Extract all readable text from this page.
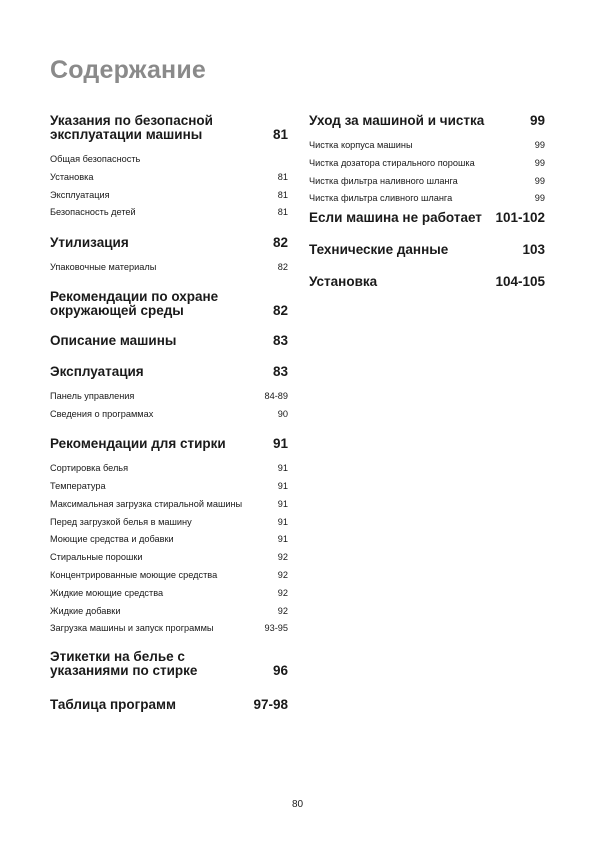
Содержание
Указания по безопасной
эксплуатации машины	81
Общая безопасность
Установка	81
Эксплуатация	81
Безопасность детей	81
Утилизация	82
Упаковочные материалы	82
Рекомендации по охране
окружающей среды	82
Описание машины	83
Эксплуатация	83
Панель управления	84-89
Сведения о программах	90
Рекомендации для стирки	91
Сортировка белья	91
Температура	91
Максимальная загрузка стиральной машины	91
Перед загрузкой белья в машину	91
Моющие средства и добавки	91
Стиральные порошки	92
Концентрированные моющие средства	92
Жидкие моющие средства	92
Жидкие добавки	92
Загрузка машины и запуск программы	93-95
Этикетки на белье с
указаниями по стирке	96
Таблица программ	97-98
Уход за машиной и чистка	99
Чистка корпуса машины	99
Чистка дозатора стирального порошка	99
Чистка фильтра наливного шланга	99
Чистка фильтра сливного шланга	99
Если машина не работает 101-102
Технические данные	103
Установка	104-105
80
